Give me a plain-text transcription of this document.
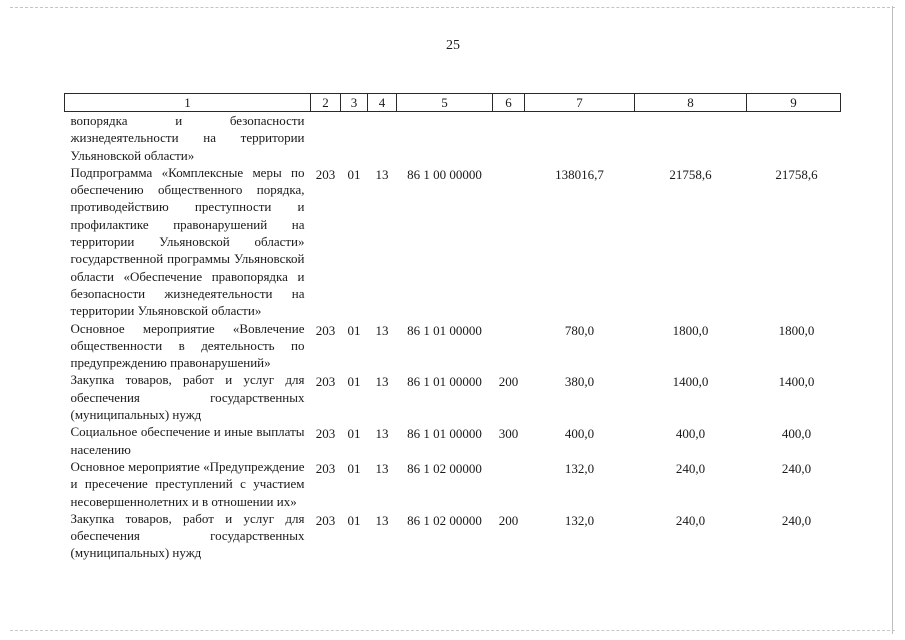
25
1	2	3	4	5	6	7	8	9
вопорядка и безопасности жизнедеятельности на территории Ульяновской области»								
Подпрограмма «Комплексные меры по обеспечению общественного порядка, противодействию преступности и профилактике правонарушений на территории Ульяновской области» государственной программы Ульяновской области «Обеспечение правопорядка и безопасности жизнедеятельности на территории Ульяновской области»	203	01	13	86 1 00 00000		138016,7	21758,6	21758,6
Основное мероприятие «Вовлечение общественности в деятельность по предупреждению правонарушений»	203	01	13	86 1 01 00000		780,0	1800,0	1800,0
Закупка товаров, работ и услуг для обеспечения государственных (муниципальных) нужд	203	01	13	86 1 01 00000	200	380,0	1400,0	1400,0
Социальное обеспечение и иные выплаты населению	203	01	13	86 1 01 00000	300	400,0	400,0	400,0
Основное мероприятие «Предупреждение и пресечение преступлений с участием несовершеннолетних и в отношении их»	203	01	13	86 1 02 00000		132,0	240,0	240,0
Закупка товаров, работ и услуг для обеспечения государственных (муниципальных) нужд	203	01	13	86 1 02 00000	200	132,0	240,0	240,0
